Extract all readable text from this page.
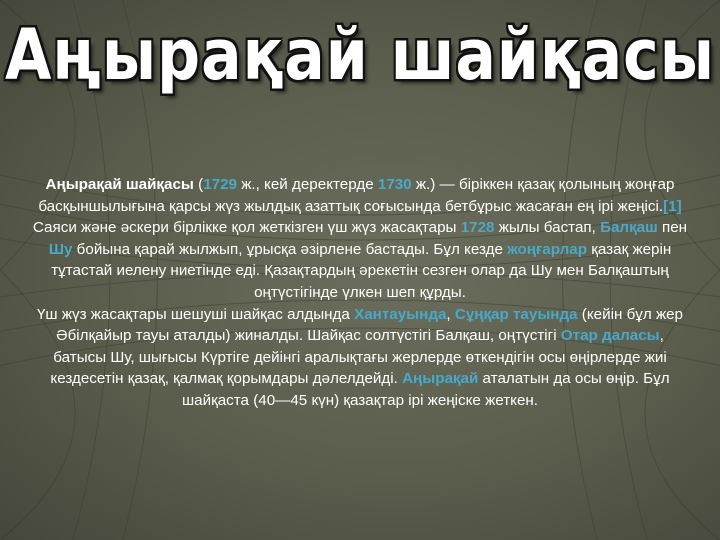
Аңырақай шайқасы

Аңырақай шайқасы (1729 ж., кей деректерде 1730 ж.) — біріккен қазақ қолының жоңғар басқыншылығына қарсы жүз жылдық азаттық соғысында бетбұрыс жасаған ең ірі жеңісі.[1]

Саяси және әскери бірлікке қол жеткізген үш жүз жасақтары 1728 жылы бастап, Балқаш пен Шу бойына қарай жылжып, ұрысқа әзірлене бастады. Бұл кезде жоңғарлар қазақ жерін тұтастай иелену ниетінде еді. Қазақтардың әрекетін сезген олар да Шу мен Балқаштың оңтүстігінде үлкен шеп құрды.

Үш жүз жасақтары шешуші шайқас алдында Хантауында, Сұңқар тауында (кейін бұл жер Әбілқайыр тауы аталды) жиналды. Шайқас солтүстігі Балқаш, оңтүстігі Отар даласы, батысы Шу, шығысы Күртіге дейінгі аралықтағы жерлерде өткендігін осы өңірлерде жиі кездесетін қазақ, қалмақ қорымдары дәлелдейді. Аңырақай аталатын да осы өңір. Бұл шайқаста (40—45 күн) қазақтар ірі жеңіске жеткен.
